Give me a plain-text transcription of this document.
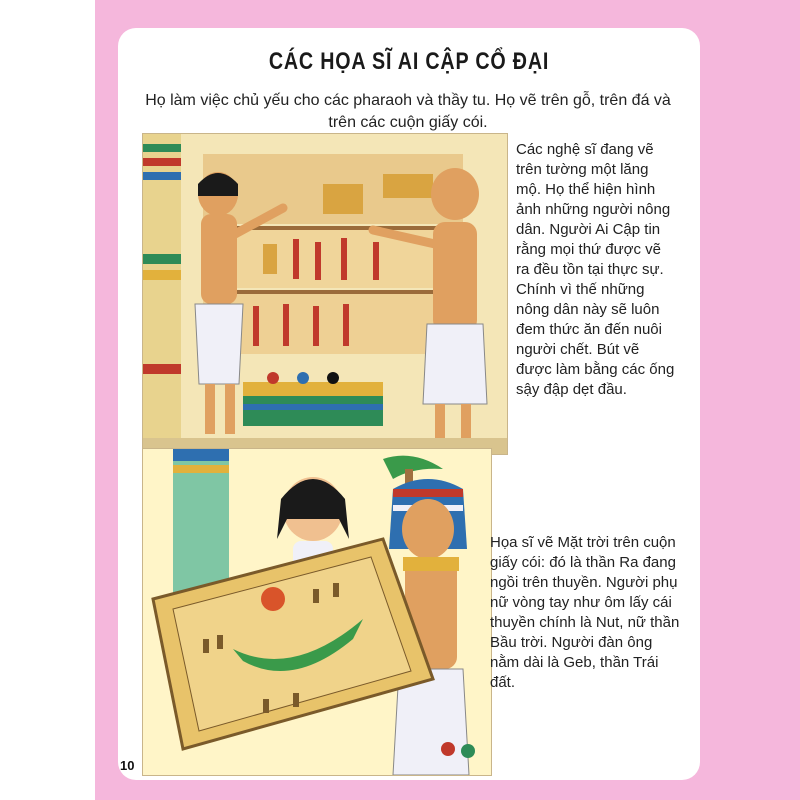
CÁC HỌA SĨ AI CẬP CỔ ĐẠI
Họ làm việc chủ yếu cho các pharaoh và thầy tu. Họ vẽ trên gỗ, trên đá và trên các cuộn giấy cói.
Các nghệ sĩ đang vẽ trên tường một lăng mộ. Họ thể hiện hình ảnh những người nông dân. Người Ai Cập tin rằng mọi thứ được vẽ ra đều tồn tại thực sự. Chính vì thế những nông dân này sẽ luôn đem thức ăn đến nuôi người chết. Bút vẽ được làm bằng các ống sậy đập dẹt đầu.
Họa sĩ vẽ Mặt trời trên cuộn giấy cói: đó là thần Ra đang ngồi trên thuyền. Người phụ nữ vòng tay như ôm lấy cái thuyền chính là Nut, nữ thần Bầu trời. Người đàn ông nằm dài là Geb, thần Trái đất.
10
